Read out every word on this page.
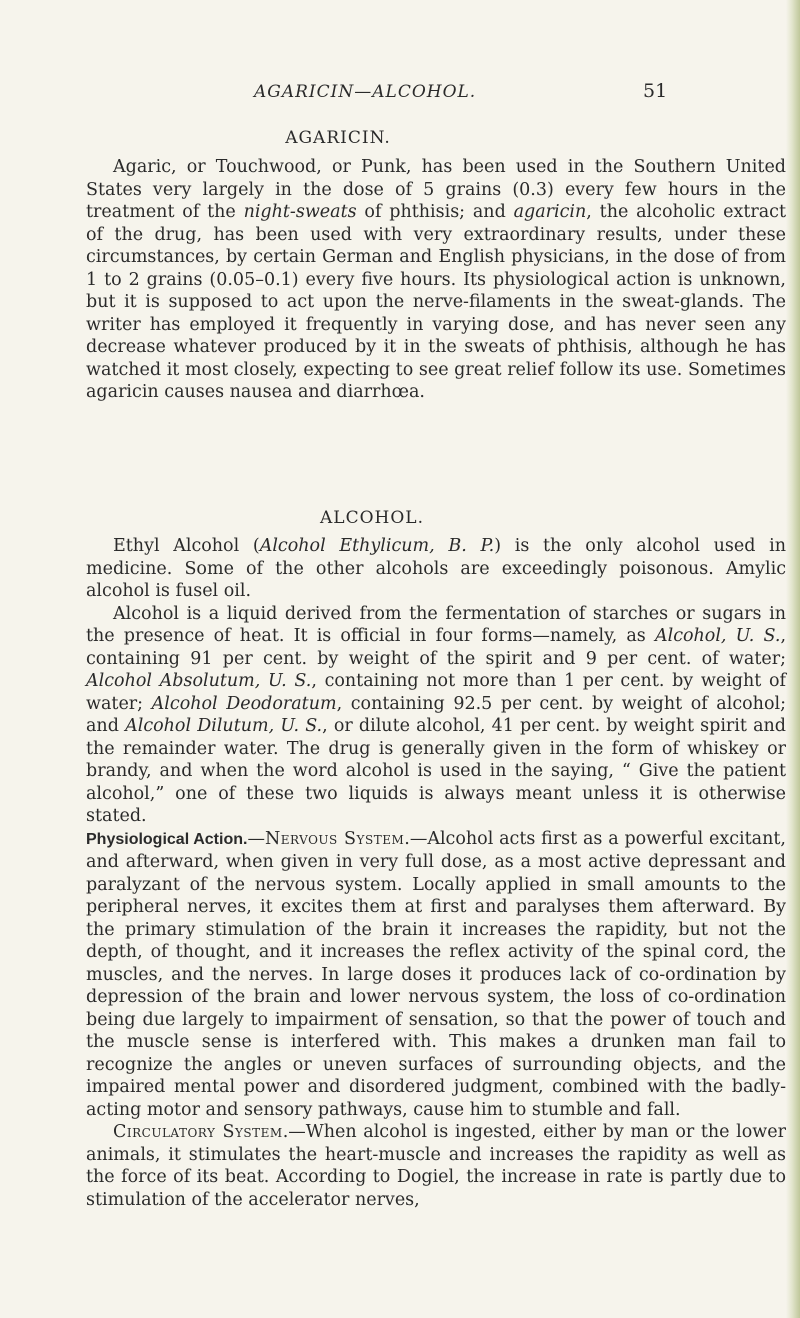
AGARICIN—ALCOHOL.	51
AGARICIN.

Agaric, or Touchwood, or Punk, has been used in the Southern United States very largely in the dose of 5 grains (0.3) every few hours in the treatment of the night-sweats of phthisis; and agaricin, the alcoholic extract of the drug, has been used with very extraordinary results, under these circumstances, by certain German and English physicians, in the dose of from 1 to 2 grains (0.05–0.1) every five hours. Its physiological action is unknown, but it is supposed to act upon the nerve-filaments in the sweat-glands. The writer has employed it frequently in varying dose, and has never seen any decrease whatever produced by it in the sweats of phthisis, although he has watched it most closely, expecting to see great relief follow its use. Sometimes agaricin causes nausea and diarrhœa.

ALCOHOL.

Ethyl Alcohol (Alcohol Ethylicum, B. P.) is the only alcohol used in medicine. Some of the other alcohols are exceedingly poisonous. Amylic alcohol is fusel oil.

Alcohol is a liquid derived from the fermentation of starches or sugars in the presence of heat. It is official in four forms—namely, as Alcohol, U. S., containing 91 per cent. by weight of the spirit and 9 per cent. of water; Alcohol Absolutum, U. S., containing not more than 1 per cent. by weight of water; Alcohol Deodoratum, containing 92.5 per cent. by weight of alcohol; and Alcohol Dilutum, U. S., or dilute alcohol, 41 per cent. by weight spirit and the remainder water. The drug is generally given in the form of whiskey or brandy, and when the word alcohol is used in the saying, “ Give the patient alcohol,” one of these two liquids is always meant unless it is otherwise stated.

Physiological Action.—Nervous System.—Alcohol acts first as a powerful excitant, and afterward, when given in very full dose, as a most active depressant and paralyzant of the nervous system. Locally applied in small amounts to the peripheral nerves, it excites them at first and paralyses them afterward. By the primary stimulation of the brain it increases the rapidity, but not the depth, of thought, and it increases the reflex activity of the spinal cord, the muscles, and the nerves. In large doses it produces lack of co-ordination by depression of the brain and lower nervous system, the loss of co-ordination being due largely to impairment of sensation, so that the power of touch and the muscle sense is interfered with. This makes a drunken man fail to recognize the angles or uneven surfaces of surrounding objects, and the impaired mental power and disordered judgment, combined with the badly-acting motor and sensory pathways, cause him to stumble and fall.

Circulatory System.—When alcohol is ingested, either by man or the lower animals, it stimulates the heart-muscle and increases the rapidity as well as the force of its beat. According to Dogiel, the increase in rate is partly due to stimulation of the accelerator nerves,
